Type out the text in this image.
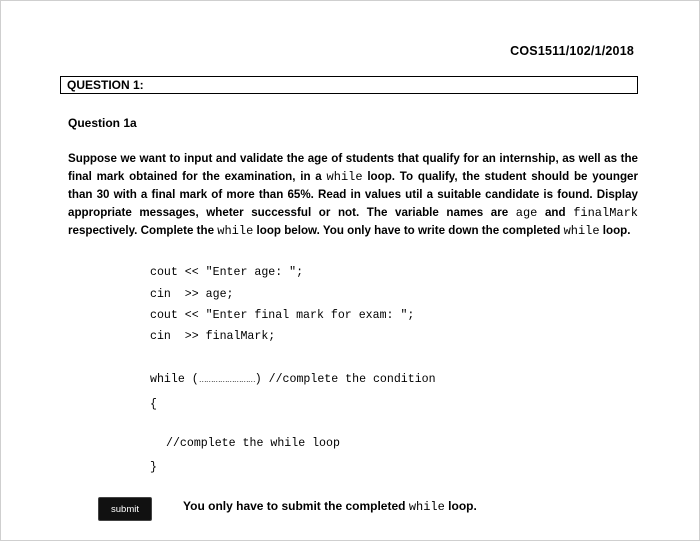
COS1511/102/1/2018
QUESTION 1:
Question 1a
Suppose we want to input and validate the age of students that qualify for an internship, as well as the final mark obtained for the examination, in a while loop. To qualify, the student should be younger than 30 with a final mark of more than 65%. Read in values util a suitable candidate is found. Display appropriate messages, wheter successful or not. The variable names are age and finalMark respectively. Complete the while loop below. You only have to write down the completed while loop.
cout << "Enter age: ";
cin  >> age;
cout << "Enter final mark for exam: ";
cin  >> finalMark;
while (……………………) //complete the condition
{
//complete the while loop
}
submit	You only have to submit the completed while loop.
